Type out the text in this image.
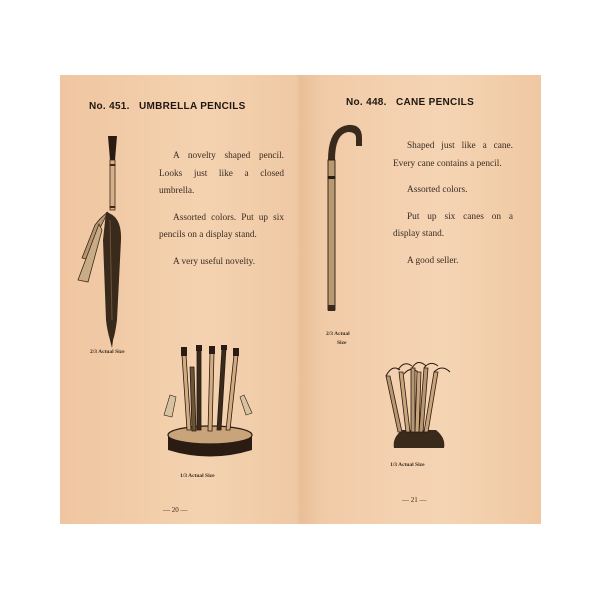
No. 451.   UMBRELLA PENCILS

A novelty shaped pencil. Looks just like a closed umbrella.

Assorted colors. Put up six pencils on a display stand.

A very useful novelty.

2/3 Actual Size
1/3 Actual Size
— 20 —
No. 448.   CANE PENCILS

Shaped just like a cane. Every cane contains a pencil.

Assorted colors.

Put up six canes on a display stand.

A good seller.

2/3 Actual
Size
1/3 Actual Size
— 21 —
